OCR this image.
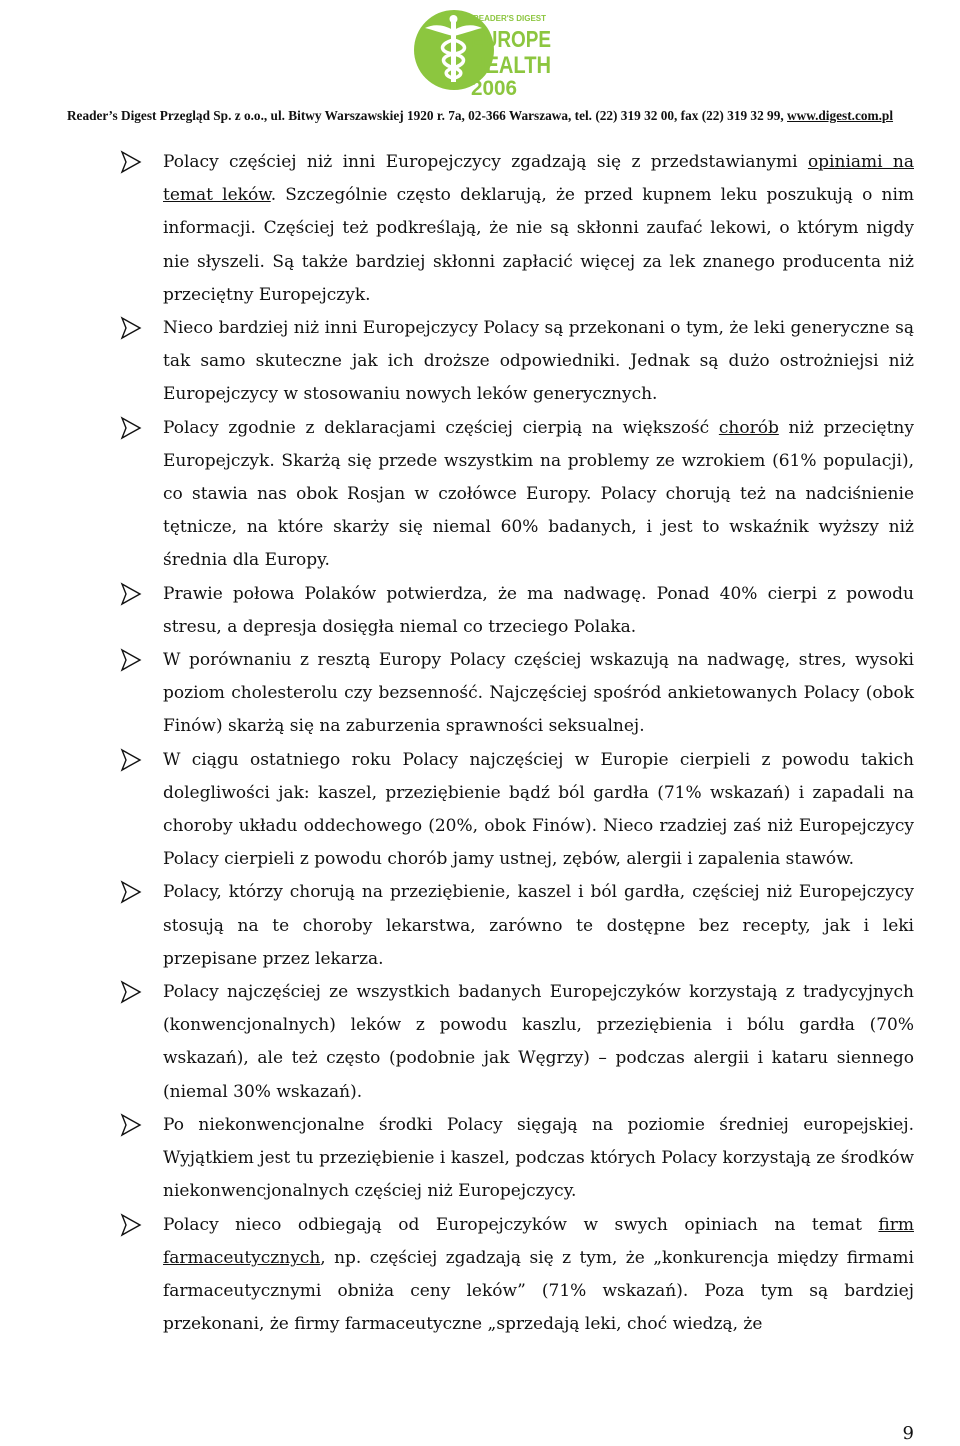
READER'S DIGEST
EUROPE
HEALTH
2006
Reader’s Digest Przegląd Sp. z o.o., ul. Bitwy Warszawskiej 1920 r. 7a, 02-366 Warszawa, tel. (22) 319 32 00, fax (22) 319 32 99, www.digest.com.pl
Polacy częściej niż inni Europejczycy zgadzają się z przedstawianymi opiniami na temat leków. Szczególnie często deklarują, że przed kupnem leku poszukują o nim informacji. Częściej też podkreślają, że nie są skłonni zaufać lekowi, o którym nigdy nie słyszeli. Są także bardziej skłonni zapłacić więcej za lek znanego producenta niż przeciętny Europejczyk.
Nieco bardziej niż inni Europejczycy Polacy są przekonani o tym, że leki generyczne są tak samo skuteczne jak ich droższe odpowiedniki. Jednak są dużo ostrożniejsi niż Europejczycy w stosowaniu nowych leków generycznych.
Polacy zgodnie z deklaracjami częściej cierpią na większość chorób niż przeciętny Europejczyk. Skarżą się przede wszystkim na problemy ze wzrokiem (61% populacji), co stawia nas obok Rosjan w czołówce Europy. Polacy chorują też na nadciśnienie tętnicze, na które skarży się niemal 60% badanych, i jest to wskaźnik wyższy niż średnia dla Europy.
Prawie połowa Polaków potwierdza, że ma nadwagę. Ponad 40% cierpi z powodu stresu, a depresja dosięgła niemal co trzeciego Polaka.
W porównaniu z resztą Europy Polacy częściej wskazują na nadwagę, stres, wysoki poziom cholesterolu czy bezsenność. Najczęściej spośród ankietowanych Polacy (obok Finów) skarżą się na zaburzenia sprawności seksualnej.
W ciągu ostatniego roku Polacy najczęściej w Europie cierpieli z powodu takich dolegliwości jak: kaszel, przeziębienie bądź ból gardła (71% wskazań) i zapadali na choroby układu oddechowego (20%, obok Finów). Nieco rzadziej zaś niż Europejczycy Polacy cierpieli z powodu chorób jamy ustnej, zębów, alergii i zapalenia stawów.
Polacy, którzy chorują na przeziębienie, kaszel i ból gardła, częściej niż Europejczycy stosują na te choroby lekarstwa, zarówno te dostępne bez recepty, jak i leki przepisane przez lekarza.
Polacy najczęściej ze wszystkich badanych Europejczyków korzystają z tradycyjnych (konwencjonalnych) leków z powodu kaszlu, przeziębienia i bólu gardła (70% wskazań), ale też często (podobnie jak Węgrzy) – podczas alergii i kataru siennego (niemal 30% wskazań).
Po niekonwencjonalne środki Polacy sięgają na poziomie średniej europejskiej. Wyjątkiem jest tu przeziębienie i kaszel, podczas których Polacy korzystają ze środków niekonwencjonalnych częściej niż Europejczycy.
Polacy nieco odbiegają od Europejczyków w swych opiniach na temat firm farmaceutycznych, np. częściej zgadzają się z tym, że „konkurencja między firmami farmaceutycznymi obniża ceny leków” (71% wskazań). Poza tym są bardziej przekonani, że firmy farmaceutyczne „sprzedają leki, choć wiedzą, że
9
